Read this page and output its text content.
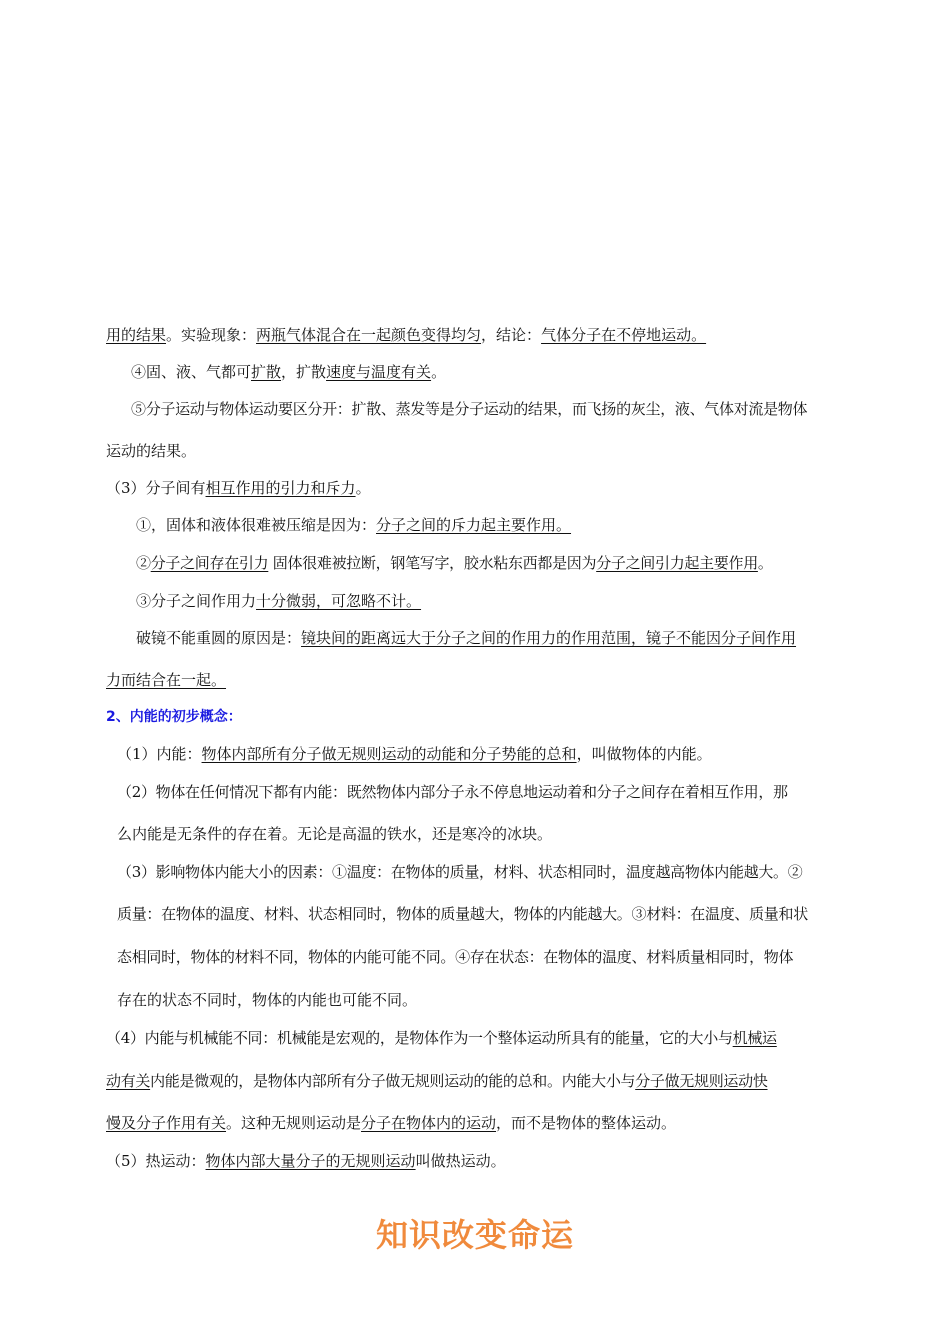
用的结果。实验现象：两瓶气体混合在一起颜色变得均匀，结论：气体分子在不停地运动。
④固、液、气都可扩散，扩散速度与温度有关。
⑤分子运动与物体运动要区分开：扩散、蒸发等是分子运动的结果，而飞扬的灰尘，液、气体对流是物体
运动的结果。
（3）分子间有相互作用的引力和斥力。
①，固体和液体很难被压缩是因为：分子之间的斥力起主要作用。
②分子之间存在引力 固体很难被拉断，钢笔写字，胶水粘东西都是因为分子之间引力起主要作用。
③分子之间作用力十分微弱，可忽略不计。
破镜不能重圆的原因是：镜块间的距离远大于分子之间的作用力的作用范围，镜子不能因分子间作用
力而结合在一起。
2、内能的初步概念：
（1）内能：物体内部所有分子做无规则运动的动能和分子势能的总和，叫做物体的内能。
（2）物体在任何情况下都有内能：既然物体内部分子永不停息地运动着和分子之间存在着相互作用，那
么内能是无条件的存在着。无论是高温的铁水，还是寒冷的冰块。
（3）影响物体内能大小的因素：①温度：在物体的质量，材料、状态相同时，温度越高物体内能越大。②
质量：在物体的温度、材料、状态相同时，物体的质量越大，物体的内能越大。③材料：在温度、质量和状
态相同时，物体的材料不同，物体的内能可能不同。④存在状态：在物体的温度、材料质量相同时，物体
存在的状态不同时，物体的内能也可能不同。
（4）内能与机械能不同：机械能是宏观的，是物体作为一个整体运动所具有的能量，它的大小与机械运
动有关内能是微观的，是物体内部所有分子做无规则运动的能的总和。内能大小与分子做无规则运动快
慢及分子作用有关。这种无规则运动是分子在物体内的运动，而不是物体的整体运动。
（5）热运动：物体内部大量分子的无规则运动叫做热运动。
知识改变命运
